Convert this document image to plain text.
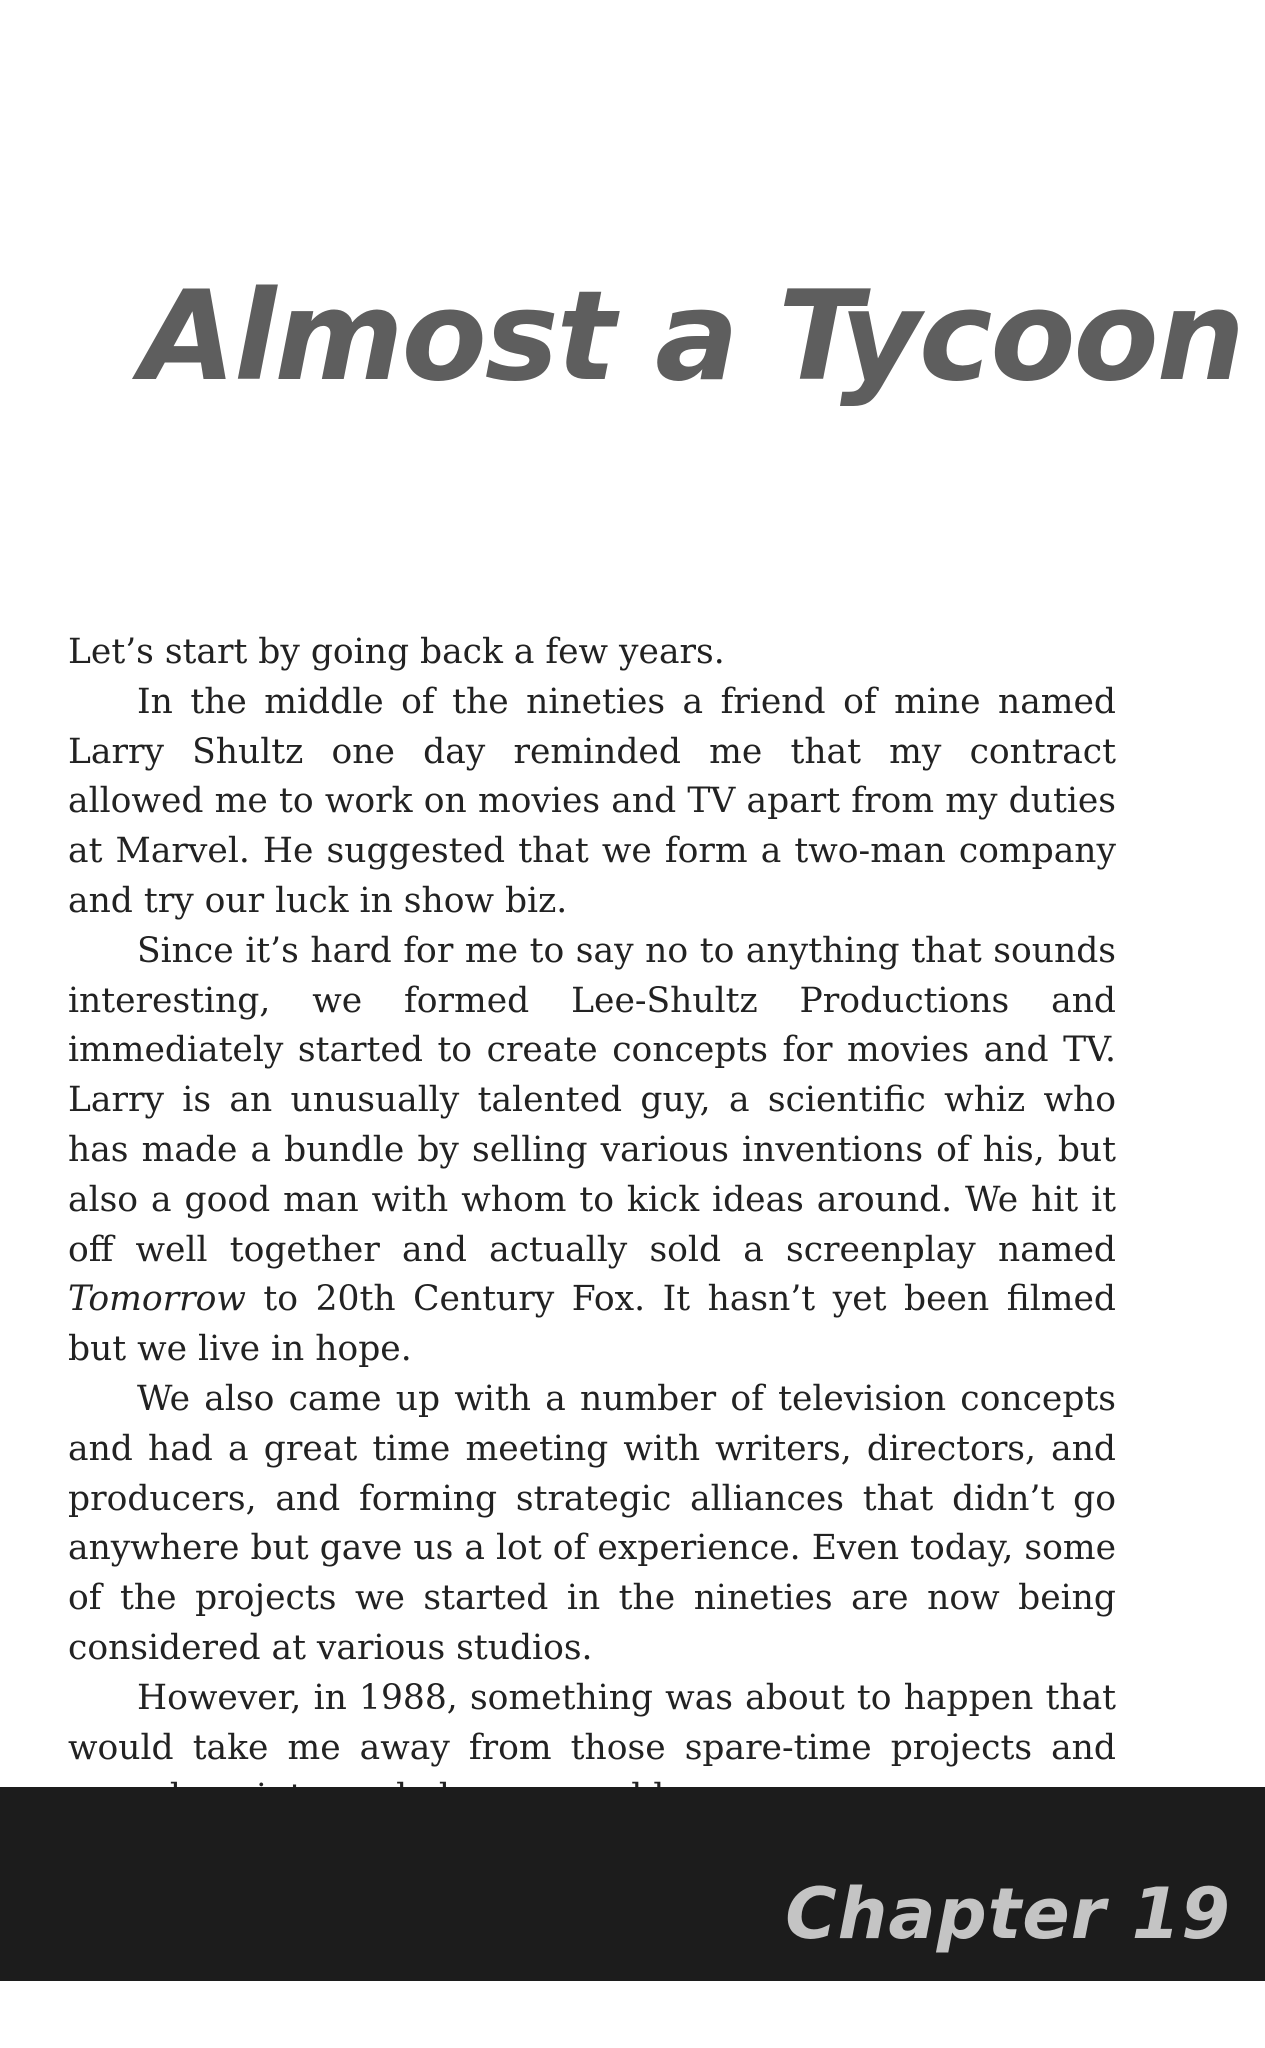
Almost a Tycoon

Let’s start by going back a few years.

In the middle of the nineties a friend of mine named Larry Shultz one day reminded me that my contract allowed me to work on movies and TV apart from my duties at Marvel. He suggested that we form a two-man company and try our luck in show biz.

Since it’s hard for me to say no to anything that sounds interesting, we formed Lee-Shultz Productions and immediately started to create concepts for movies and TV. Larry is an unusually talented guy, a scientific whiz who has made a bundle by selling various inventions of his, but also a good man with whom to kick ideas around. We hit it off well together and actually sold a screenplay named Tomorrow to 20th Century Fox. It hasn’t yet been filmed but we live in hope.

We also came up with a number of television concepts and had a great time meeting with writers, directors, and producers, and forming strategic alliances that didn’t go anywhere but gave us a lot of experience. Even today, some of the projects we started in the nineties are now being considered at various studios.

However, in 1988, something was about to happen that would take me away from those spare-time projects and

Chapter 19
